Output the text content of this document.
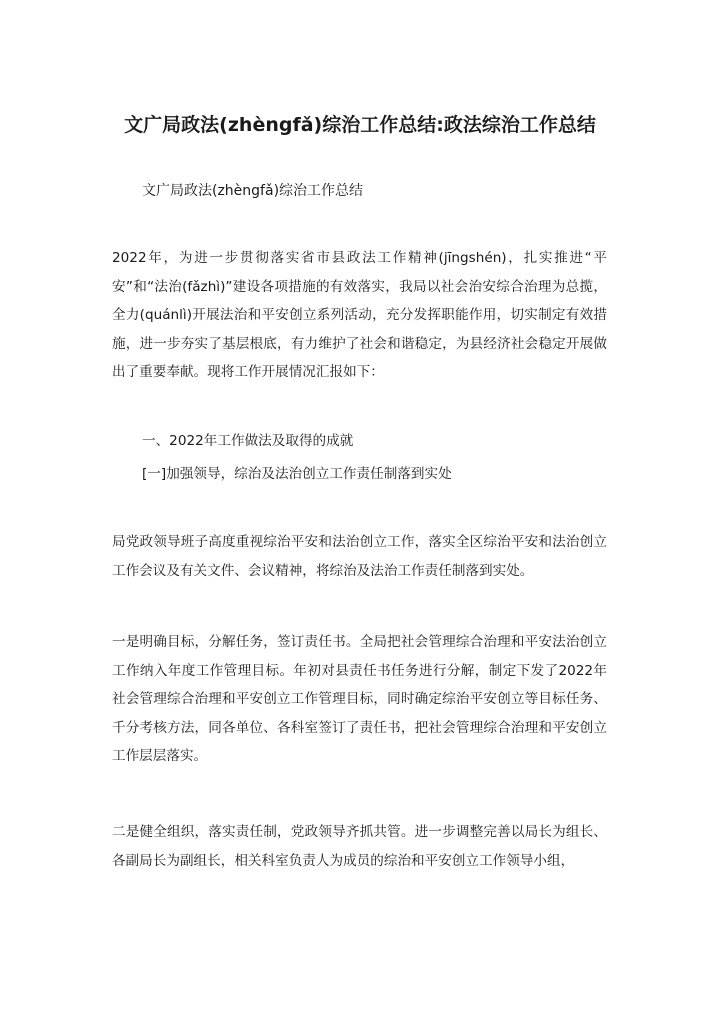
文广局政法(zhèngfǎ)综治工作总结:政法综治工作总结
文广局政法(zhèngfǎ)综治工作总结
2022年，为进一步贯彻落实省市县政法工作精神(jīngshén)，扎实推进“平安”和“法治(fǎzhì)”建设各项措施的有效落实，我局以社会治安综合治理为总揽，全力(quánlì)开展法治和平安创立系列活动，充分发挥职能作用，切实制定有效措施，进一步夯实了基层根底，有力维护了社会和谐稳定，为县经济社会稳定开展做出了重要奉献。现将工作开展情况汇报如下：
一、2022年工作做法及取得的成就
[一]加强领导，综治及法治创立工作责任制落到实处
局党政领导班子高度重视综治平安和法治创立工作，落实全区综治平安和法治创立工作会议及有关文件、会议精神，将综治及法治工作责任制落到实处。
一是明确目标，分解任务，签订责任书。全局把社会管理综合治理和平安法治创立工作纳入年度工作管理目标。年初对县责任书任务进行分解，制定下发了2022年社会管理综合治理和平安创立工作管理目标，同时确定综治平安创立等目标任务、千分考核方法，同各单位、各科室签订了责任书，把社会管理综合治理和平安创立工作层层落实。
二是健全组织，落实责任制，党政领导齐抓共管。进一步调整完善以局长为组长、各副局长为副组长，相关科室负责人为成员的综治和平安创立工作领导小组，
